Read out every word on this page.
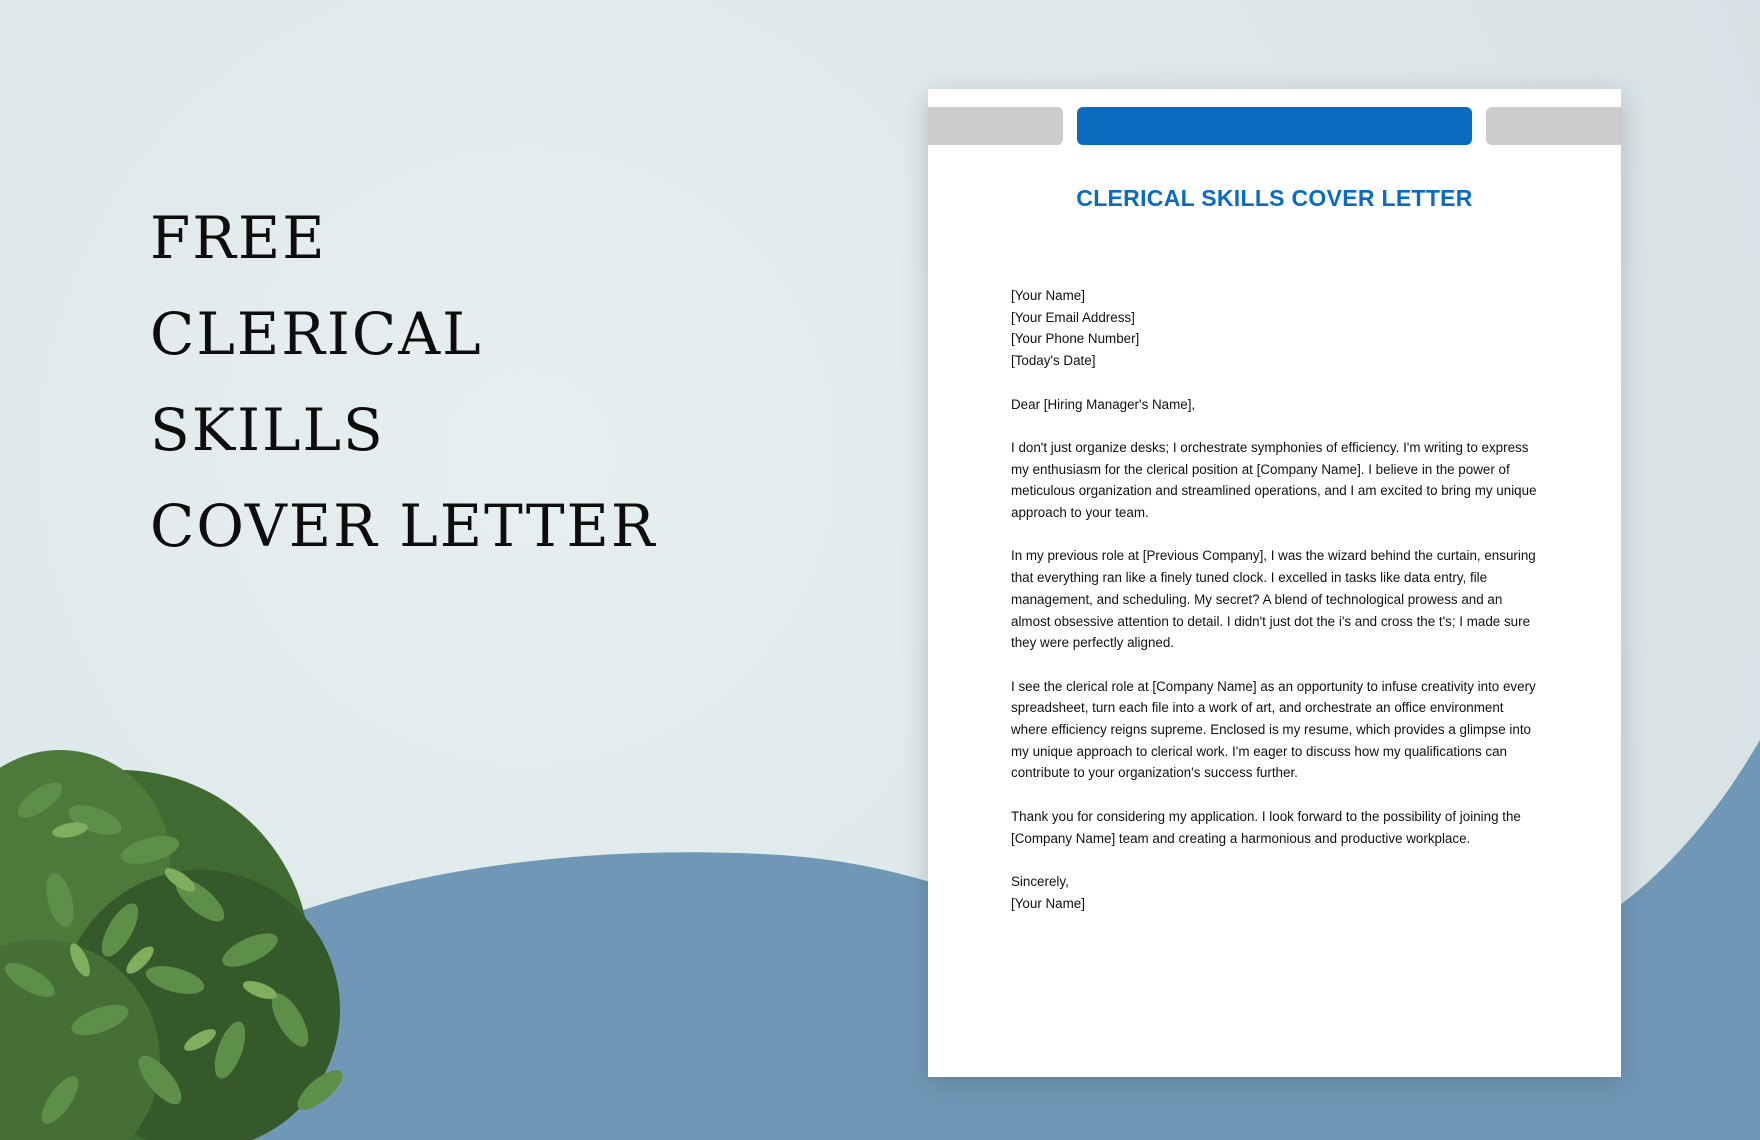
FREE
CLERICAL
SKILLS
COVER LETTER
CLERICAL SKILLS COVER LETTER

[Your Name]
[Your Email Address]
[Your Phone Number]
[Today's Date]

Dear [Hiring Manager's Name],

I don't just organize desks; I orchestrate symphonies of efficiency. I'm writing to express my enthusiasm for the clerical position at [Company Name]. I believe in the power of meticulous organization and streamlined operations, and I am excited to bring my unique approach to your team.

In my previous role at [Previous Company], I was the wizard behind the curtain, ensuring that everything ran like a finely tuned clock. I excelled in tasks like data entry, file management, and scheduling. My secret? A blend of technological prowess and an almost obsessive attention to detail. I didn't just dot the i's and cross the t's; I made sure they were perfectly aligned.

I see the clerical role at [Company Name] as an opportunity to infuse creativity into every spreadsheet, turn each file into a work of art, and orchestrate an office environment where efficiency reigns supreme. Enclosed is my resume, which provides a glimpse into my unique approach to clerical work. I'm eager to discuss how my qualifications can contribute to your organization's success further.

Thank you for considering my application. I look forward to the possibility of joining the [Company Name] team and creating a harmonious and productive workplace.

Sincerely,
[Your Name]
